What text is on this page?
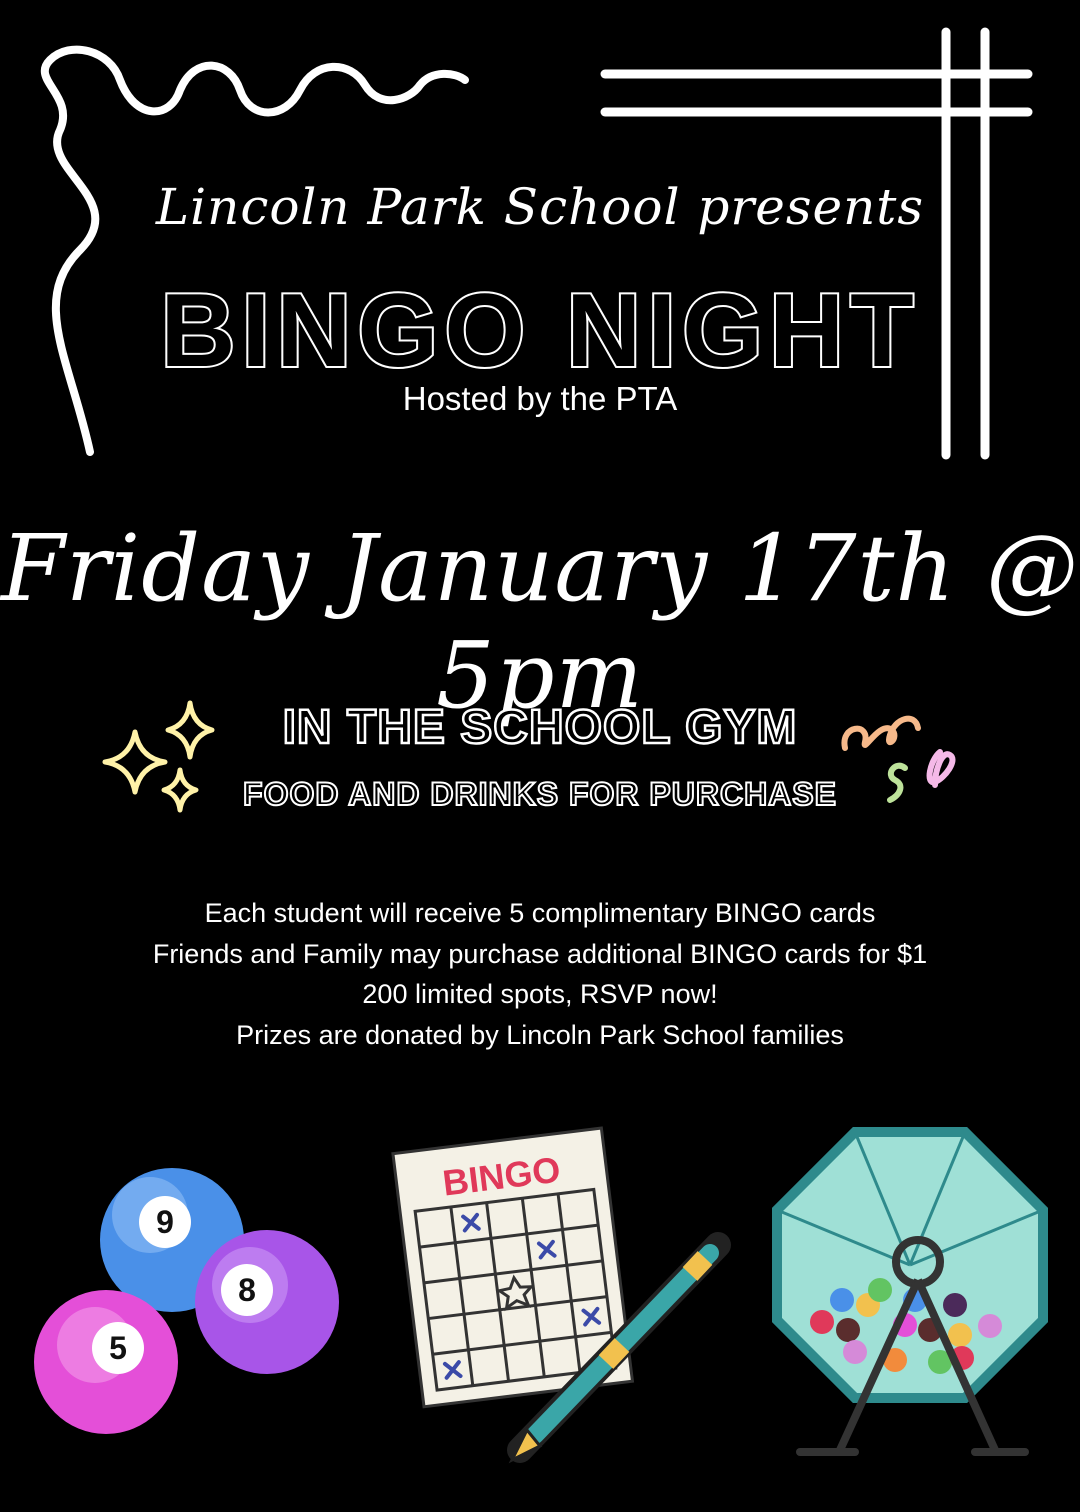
Lincoln Park School presents
BINGO NIGHT
Hosted by the PTA
Friday January 17th @ 5pm
IN THE SCHOOL GYM
FOOD AND DRINKS FOR PURCHASE
Each student will receive 5 complimentary BINGO cards
Friends and Family may purchase additional BINGO cards for $1
200 limited spots, RSVP now!
Prizes are donated by Lincoln Park School families
9
8
5
BINGO
